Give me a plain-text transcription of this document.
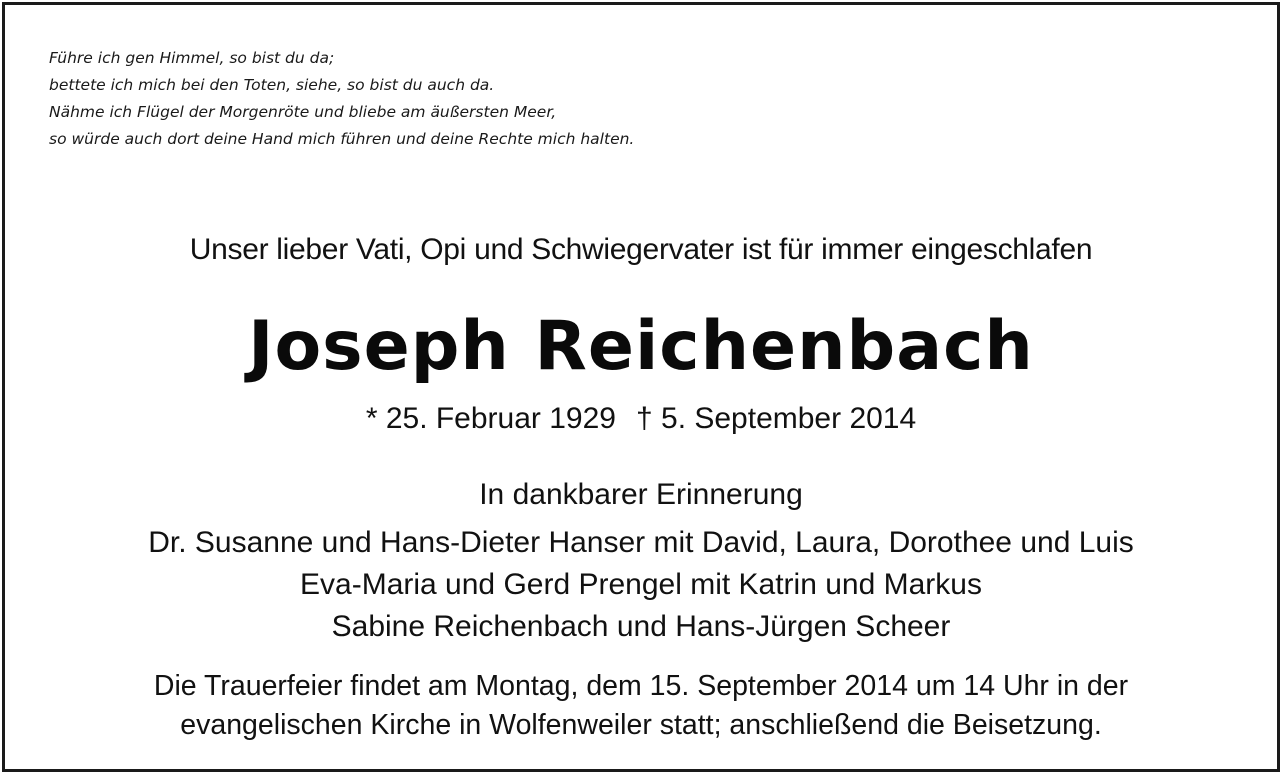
Führe ich gen Himmel, so bist du da;
bettete ich mich bei den Toten, siehe, so bist du auch da.
Nähme ich Flügel der Morgenröte und bliebe am äußersten Meer,
so würde auch dort deine Hand mich führen und deine Rechte mich halten.
Unser lieber Vati, Opi und Schwiegervater ist für immer eingeschlafen
Joseph Reichenbach
* 25. Februar 1929 † 5. September 2014
In dankbarer Erinnerung
Dr. Susanne und Hans-Dieter Hanser mit David, Laura, Dorothee und Luis
Eva-Maria und Gerd Prengel mit Katrin und Markus
Sabine Reichenbach und Hans-Jürgen Scheer
Die Trauerfeier findet am Montag, dem 15. September 2014 um 14 Uhr in der
evangelischen Kirche in Wolfenweiler statt; anschließend die Beisetzung.
